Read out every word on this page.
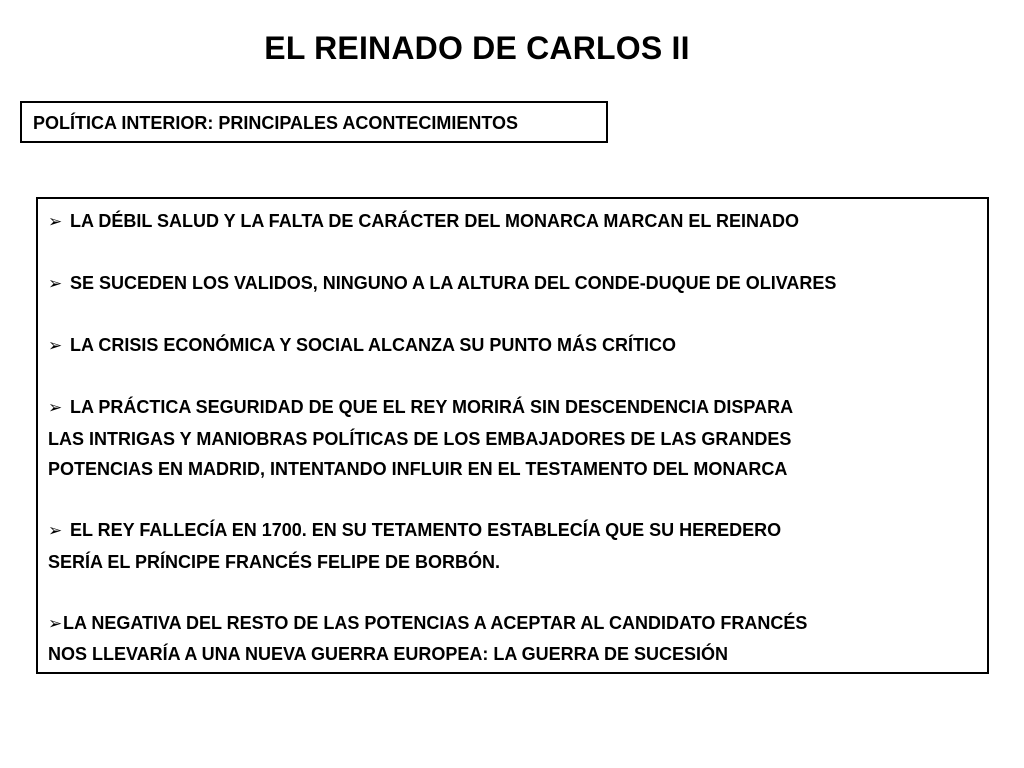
EL REINADO DE CARLOS II
POLÍTICA INTERIOR: PRINCIPALES ACONTECIMIENTOS

➢ LA DÉBIL SALUD Y LA FALTA DE CARÁCTER DEL MONARCA MARCAN EL REINADO

➢ SE SUCEDEN LOS VALIDOS, NINGUNO A LA ALTURA DEL CONDE-DUQUE DE OLIVARES

➢ LA CRISIS ECONÓMICA Y SOCIAL ALCANZA SU PUNTO MÁS CRÍTICO

➢ LA PRÁCTICA SEGURIDAD DE QUE EL REY MORIRÁ SIN DESCENDENCIA DISPARA
LAS INTRIGAS Y MANIOBRAS POLÍTICAS DE LOS EMBAJADORES DE LAS GRANDES
POTENCIAS EN MADRID, INTENTANDO INFLUIR EN EL TESTAMENTO DEL MONARCA

➢ EL REY FALLECÍA EN 1700. EN SU TETAMENTO ESTABLECÍA QUE SU HEREDERO
SERÍA EL PRÍNCIPE FRANCÉS FELIPE DE BORBÓN.

➢LA NEGATIVA DEL RESTO DE LAS POTENCIAS A ACEPTAR AL CANDIDATO FRANCÉS
NOS LLEVARÍA A UNA NUEVA GUERRA EUROPEA: LA GUERRA DE SUCESIÓN
